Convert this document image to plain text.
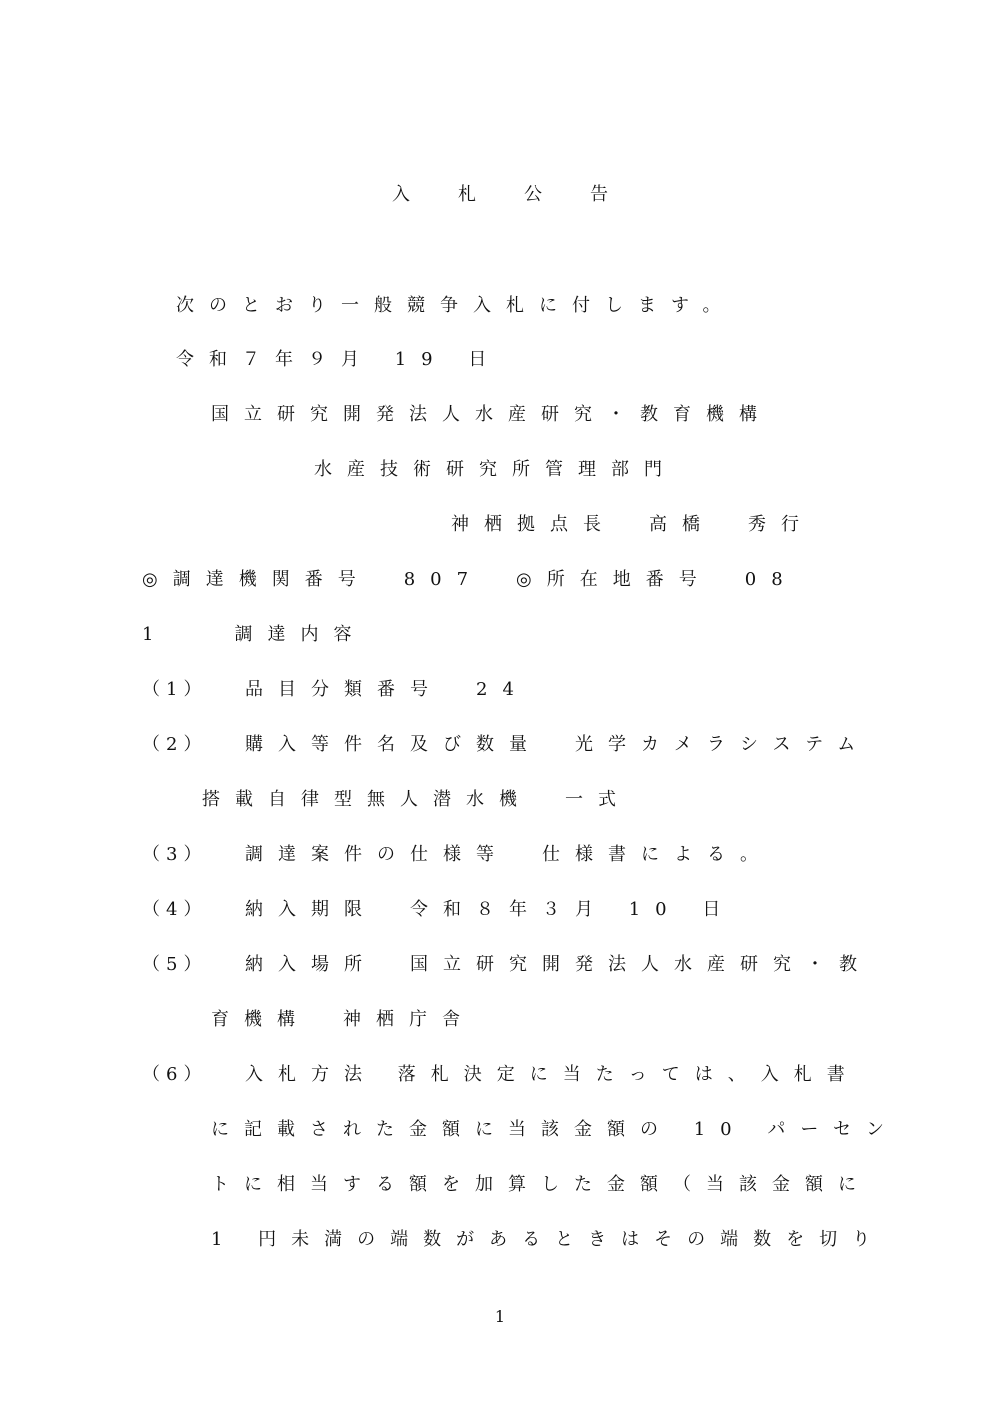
入札公告
次のとおり一般競争入札に付します。
令和７年９月 19 日
国立研究開発法人水産研究・教育機構
水産技術研究所管理部門
神栖拠点長　高橋　秀行
◎調達機関番号　807　◎所在地番号　08
1　　調達内容
（1） 品目分類番号　24
（2） 購入等件名及び数量　光学カメラシステム
搭載自律型無人潜水機　一式
（3） 調達案件の仕様等　仕様書による。
（4） 納入期限　令和８年３月 10 日
（5） 納入場所　国立研究開発法人水産研究・教
育機構　神栖庁舎
（6） 入札方法 落札決定に当たっては、入札書
に記載された金額に当該金額の 10 パーセン
トに相当する額を加算した金額（当該金額に
1 円未満の端数があるときはその端数を切り
1
